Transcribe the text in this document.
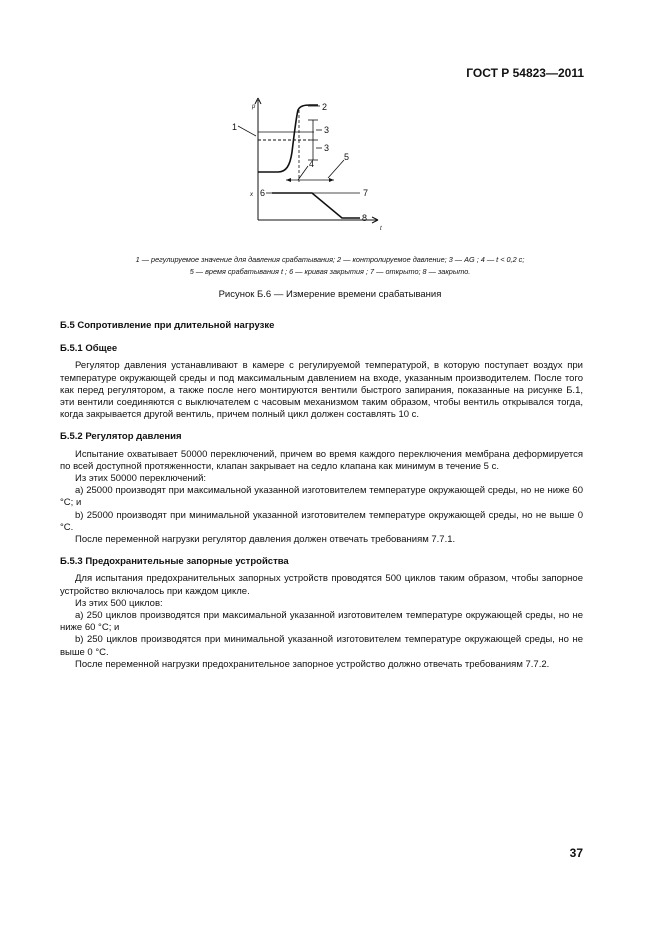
ГОСТ Р 54823—2011
p
x
t
1
2
3
3
4
5
6	7
8
1 — регулируемое значение для давления срабатывания; 2 — контролируемое давление; 3 — AG ; 4 — t < 0,2 с;
5 — время срабатывания t ; 6 — кривая закрытия ; 7 — открыто; 8 — закрыто.
Рисунок Б.6 — Измерение времени срабатывания
Б.5 Сопротивление при длительной нагрузке
Б.5.1 Общее

Регулятор давления устанавливают в камере с регулируемой температурой, в которую поступает воздух при температуре окружающей среды и под максимальным давлением на входе, указанным производителем. После того как перед регулятором, а также после него монтируются вентили быстрого запирания, показанные на рисунке Б.1, эти вентили соединяются с выключателем с часовым механизмом таким образом, чтобы вентиль открывался тогда, когда закрывается другой вентиль, причем полный цикл должен составлять 10 с.

Б.5.2 Регулятор давления

Испытание охватывает 50000 переключений, причем во время каждого переключения мембрана деформируется по всей доступной протяженности, клапан закрывает на седло клапана как минимум в течение 5 с.

Из этих 50000 переключений:

a) 25000 производят при максимальной указанной изготовителем температуре окружающей среды, но не ниже 60 °C; и

b) 25000 производят при минимальной указанной изготовителем температуре окружающей среды, но не выше 0 °C.

После переменной нагрузки регулятор давления должен отвечать требованиям 7.7.1.

Б.5.3 Предохранительные запорные устройства

Для испытания предохранительных запорных устройств проводятся 500 циклов таким образом, чтобы запорное устройство включалось при каждом цикле.

Из этих 500 циклов:

a) 250 циклов производятся при максимальной указанной изготовителем температуре окружающей среды, но не ниже 60 °C; и

b) 250 циклов производятся при минимальной указанной изготовителем температуре окружающей среды, но не выше 0 °C.

После переменной нагрузки предохранительное запорное устройство должно отвечать требованиям 7.7.2.

37
